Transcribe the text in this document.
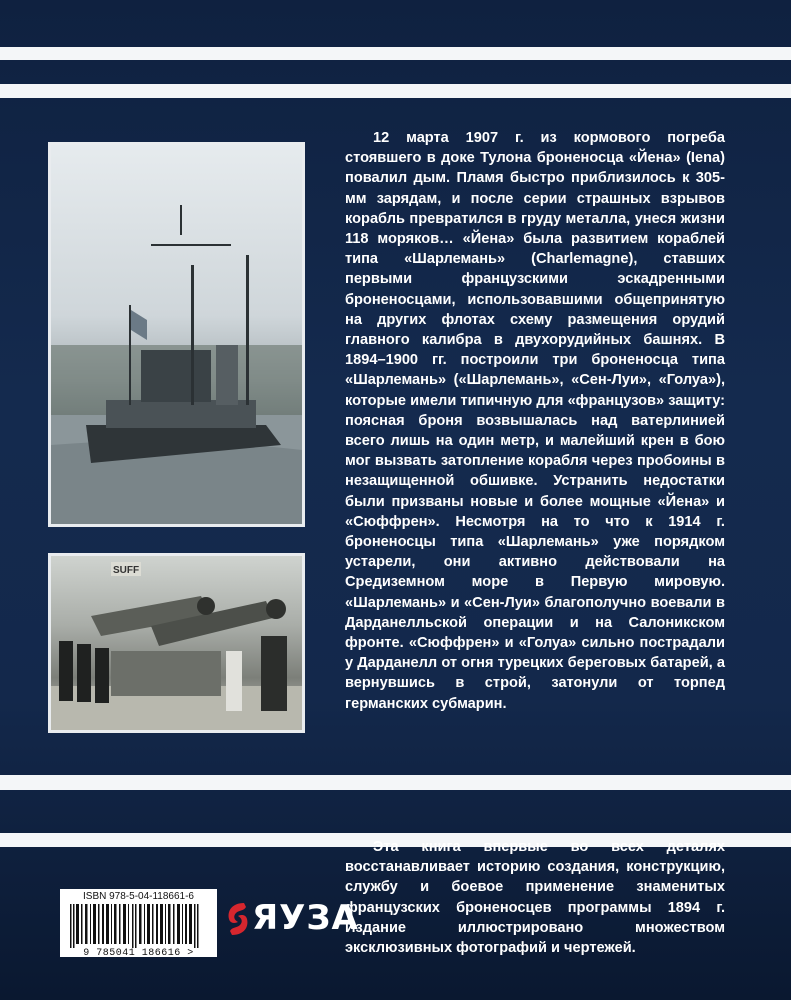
SUFF

12 марта 1907 г. из кормового погреба стоявшего в доке Тулона броненосца «Йена» (Iena) повалил дым. Пламя быстро приблизилось к 305-мм зарядам, и после серии страшных взрывов корабль превратился в груду металла, унеся жизни 118 моряков… «Йена» была развитием кораблей типа «Шарлемань» (Charlemagne), ставших первыми французскими эскадренными броненосцами, использовавшими общепринятую на других флотах схему размещения орудий главного калибра в двухорудийных башнях. В 1894–1900 гг. построили три броненосца типа «Шарлемань» («Шарлемань», «Сен-Луи», «Голуа»), которые имели типичную для «французов» защиту: поясная броня возвышалась над ватерлинией всего лишь на один метр, и малейший крен в бою мог вызвать затопление корабля через пробоины в незащищенной обшивке. Устранить недостатки были призваны новые и более мощные «Йена» и «Сюффрен». Несмотря на то что к 1914 г. броненосцы типа «Шарлемань» уже порядком устарели, они активно действовали на Средиземном море в Первую мировую. «Шарлемань» и «Сен-Луи» благополучно воевали в Дарданелльской операции и на Салоникском фронте. «Сюффрен» и «Голуа» сильно пострадали у Дарданелл от огня турецких береговых батарей, а вернувшись в строй, затонули от торпед германских субмарин.

Эта книга впервые во всех деталях восстанавливает историю создания, конструкцию, службу и боевое применение знаменитых французских броненосцев программы 1894 г. Издание иллюстрировано множеством эксклюзивных фотографий и чертежей.

ISBN 978-5-04-118661-6
9 785041 186616 >
ЯУЗА
